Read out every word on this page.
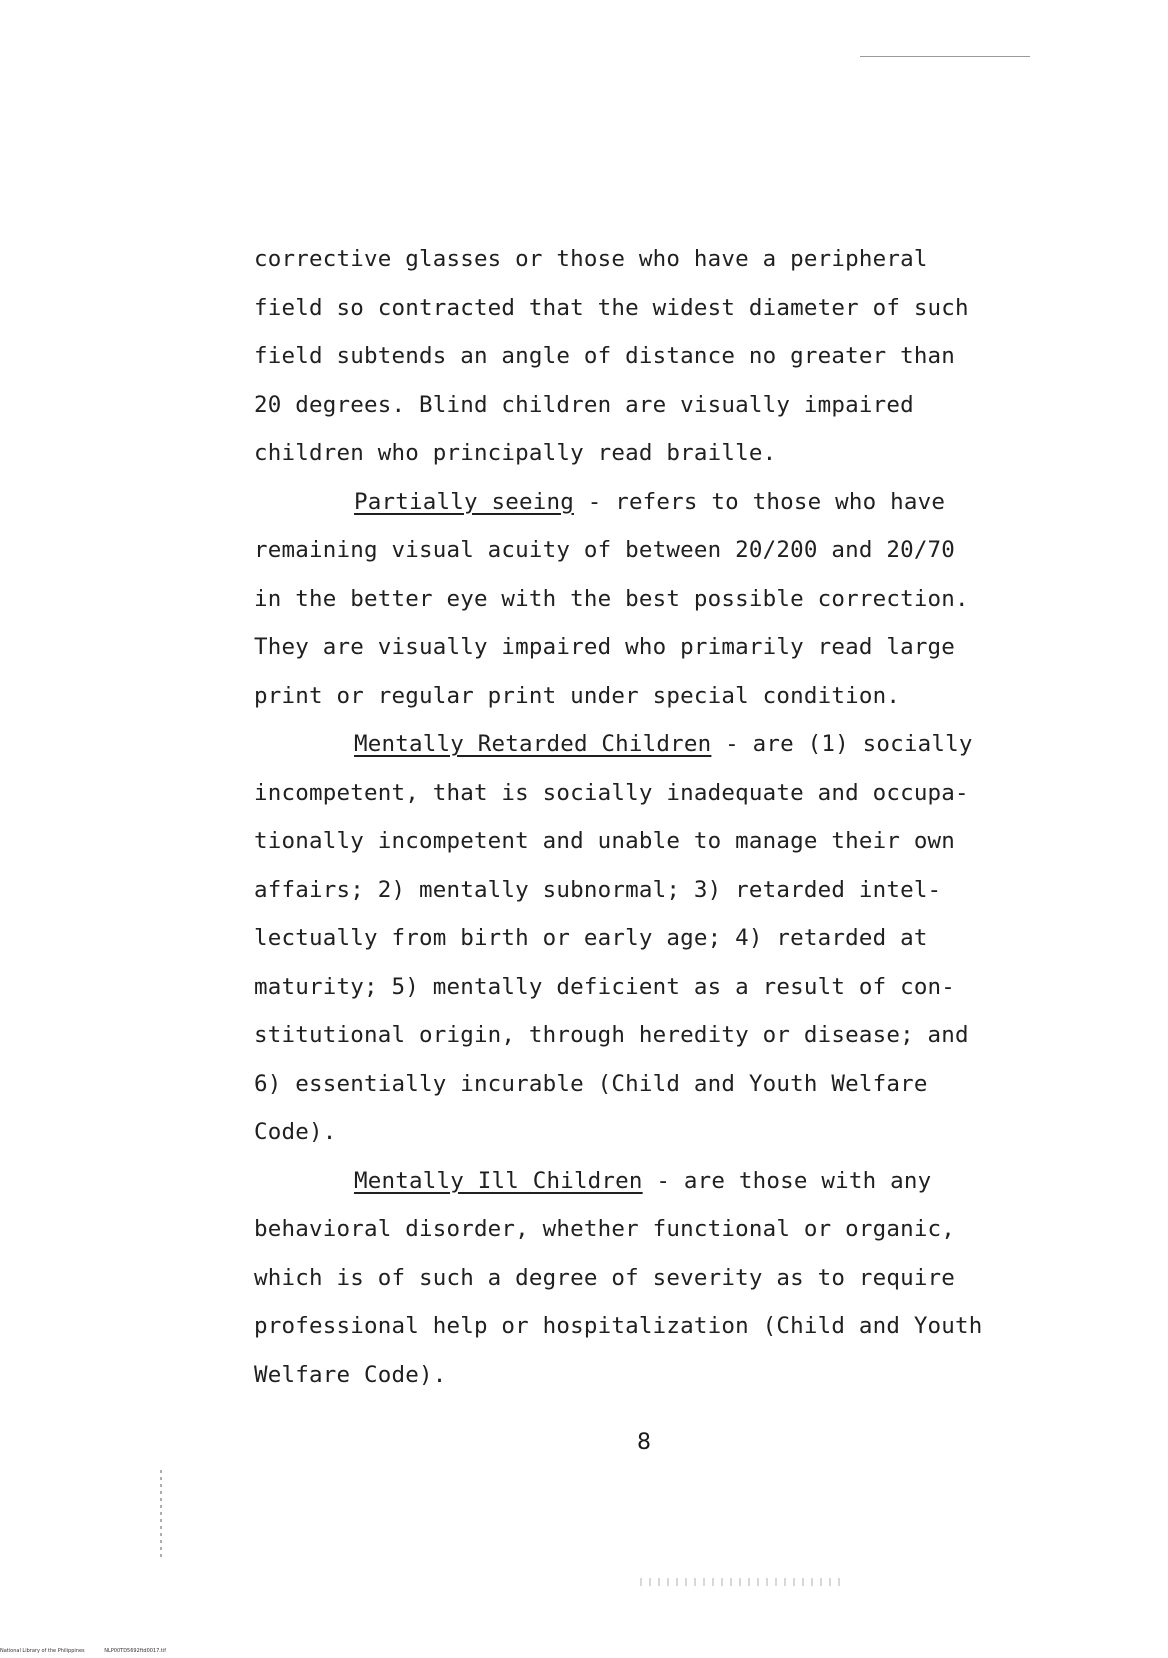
corrective glasses or those who have a peripheral
field so contracted that the widest diameter of such
field subtends an angle of distance no greater than
20 degrees. Blind children are visually impaired
children who principally read braille.

Partially seeing - refers to those who have
remaining visual acuity of between 20/200 and 20/70
in the better eye with the best possible correction.
They are visually impaired who primarily read large
print or regular print under special condition.

Mentally Retarded Children - are (1) socially
incompetent, that is socially inadequate and occupa-
tionally incompetent and unable to manage their own
affairs; 2) mentally subnormal; 3) retarded intel-
lectually from birth or early age; 4) retarded at
maturity; 5) mentally deficient as a result of con-
stitutional origin, through heredity or disease; and
6) essentially incurable (Child and Youth Welfare
Code).

Mentally Ill Children - are those with any
behavioral disorder, whether functional or organic,
which is of such a degree of severity as to require
professional help or hospitalization (Child and Youth
Welfare Code).

8
National Library of the Philippines	NLP00TD5692ftd0017.tif
